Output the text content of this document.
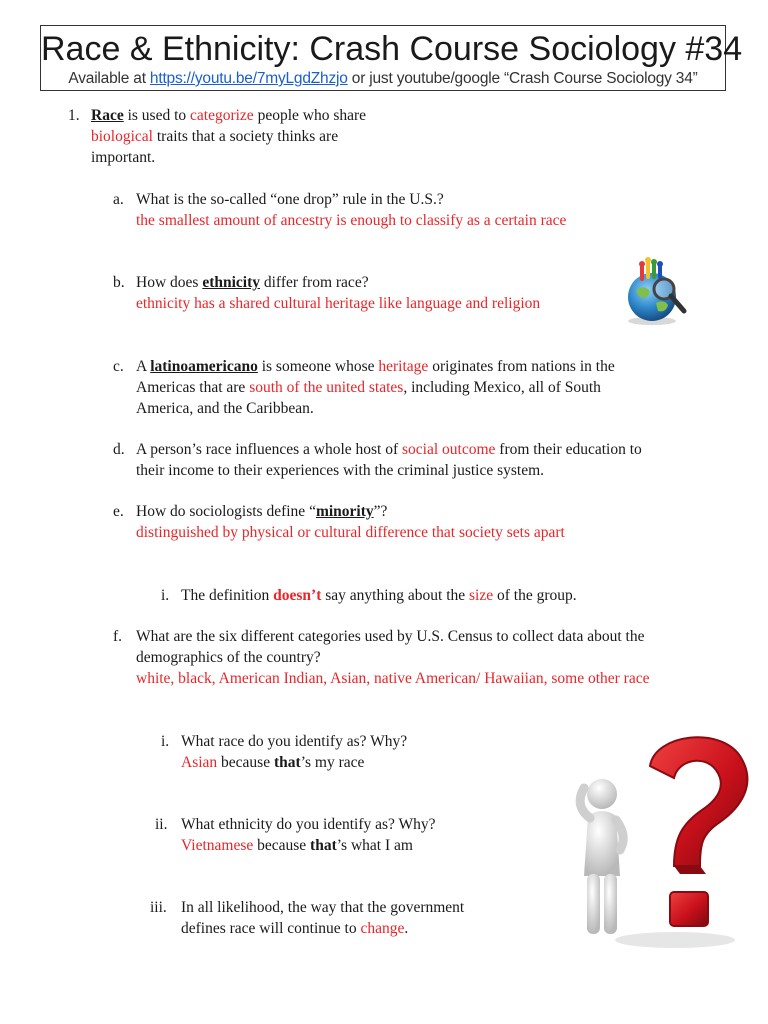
Race & Ethnicity: Crash Course Sociology #34
Available at https://youtu.be/7myLgdZhzjo or just youtube/google “Crash Course Sociology 34”
1. Race is used to categorize people who share
biological traits that a society thinks are
important.
a. What is the so-called “one drop” rule in the U.S.?
the smallest amount of ancestry is enough to classify as a certain race
b. How does ethnicity differ from race?
ethnicity has a shared cultural heritage like language and religion
c. A latinoamericano is someone whose heritage originates from nations in the
Americas that are south of the united states, including Mexico, all of South
America, and the Caribbean.
d. A person’s race influences a whole host of social outcome from their education to
their income to their experiences with the criminal justice system.
e. How do sociologists define “minority”?
distinguished by physical or cultural difference that society sets apart
i. The definition doesn’t say anything about the size of the group.
f. What are the six different categories used by U.S. Census to collect data about the
demographics of the country?
white, black, American Indian, Asian, native American/ Hawaiian, some other race
i. What race do you identify as? Why?
Asian because that’s my race
ii. What ethnicity do you identify as? Why?
Vietnamese because that’s what I am
iii. In all likelihood, the way that the government
defines race will continue to change.
